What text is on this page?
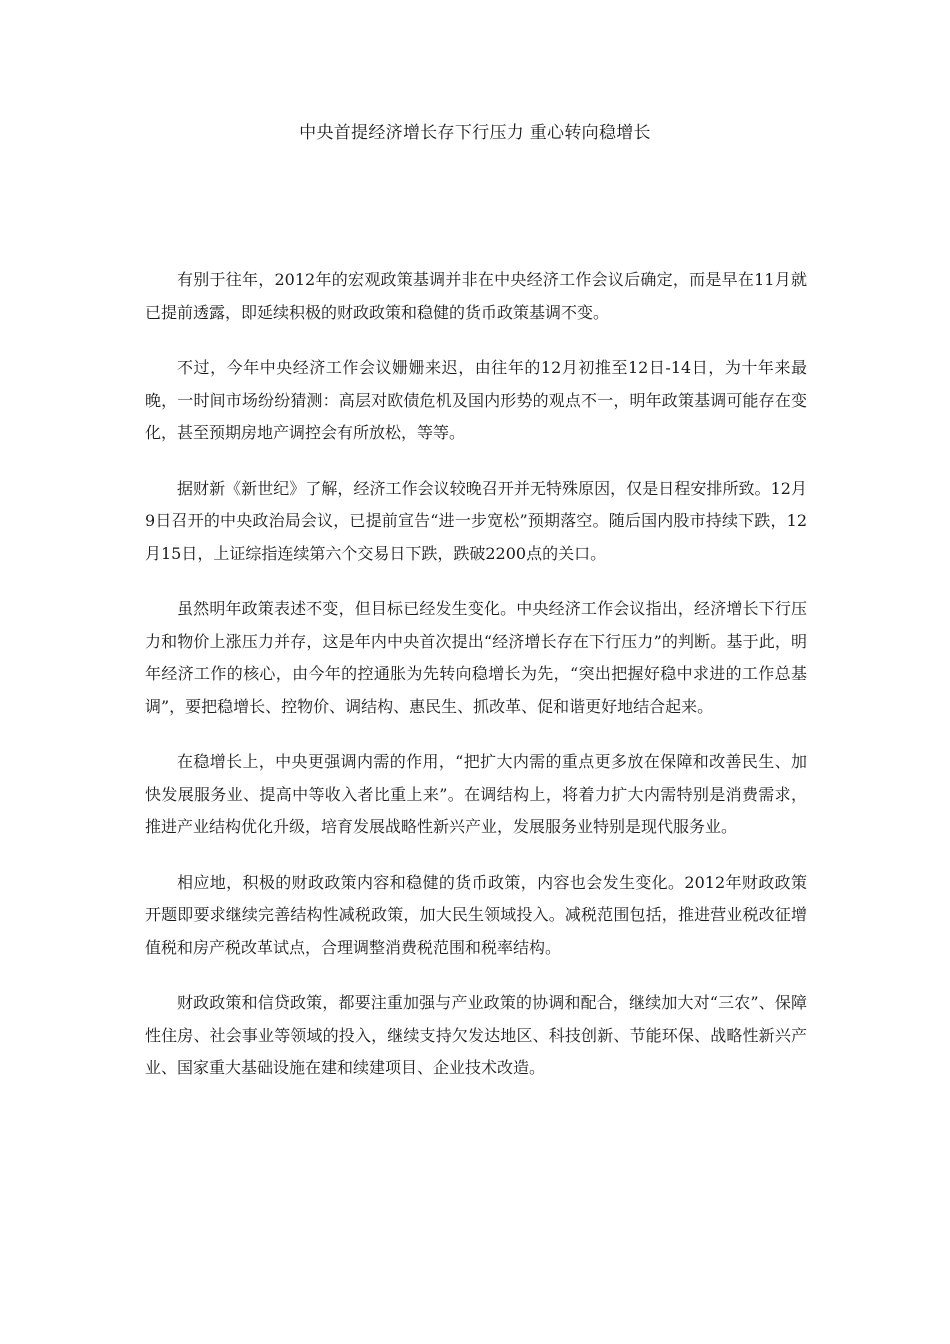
中央首提经济增长存下行压力 重心转向稳增长

有别于往年，2012年的宏观政策基调并非在中央经济工作会议后确定，而是早在11月就已提前透露，即延续积极的财政政策和稳健的货币政策基调不变。

不过，今年中央经济工作会议姗姗来迟，由往年的12月初推至12日-14日，为十年来最晚，一时间市场纷纷猜测：高层对欧债危机及国内形势的观点不一，明年政策基调可能存在变化，甚至预期房地产调控会有所放松，等等。

据财新《新世纪》了解，经济工作会议较晚召开并无特殊原因，仅是日程安排所致。12月9日召开的中央政治局会议，已提前宣告“进一步宽松”预期落空。随后国内股市持续下跌，12月15日，上证综指连续第六个交易日下跌，跌破2200点的关口。

虽然明年政策表述不变，但目标已经发生变化。中央经济工作会议指出，经济增长下行压力和物价上涨压力并存，这是年内中央首次提出“经济增长存在下行压力”的判断。基于此，明年经济工作的核心，由今年的控通胀为先转向稳增长为先，“突出把握好稳中求进的工作总基调”，要把稳增长、控物价、调结构、惠民生、抓改革、促和谐更好地结合起来。

在稳增长上，中央更强调内需的作用，“把扩大内需的重点更多放在保障和改善民生、加快发展服务业、提高中等收入者比重上来”。在调结构上，将着力扩大内需特别是消费需求，推进产业结构优化升级，培育发展战略性新兴产业，发展服务业特别是现代服务业。

相应地，积极的财政政策内容和稳健的货币政策，内容也会发生变化。2012年财政政策开题即要求继续完善结构性减税政策，加大民生领域投入。减税范围包括，推进营业税改征增值税和房产税改革试点，合理调整消费税范围和税率结构。

财政政策和信贷政策，都要注重加强与产业政策的协调和配合，继续加大对“三农”、保障性住房、社会事业等领域的投入，继续支持欠发达地区、科技创新、节能环保、战略性新兴产业、国家重大基础设施在建和续建项目、企业技术改造。
